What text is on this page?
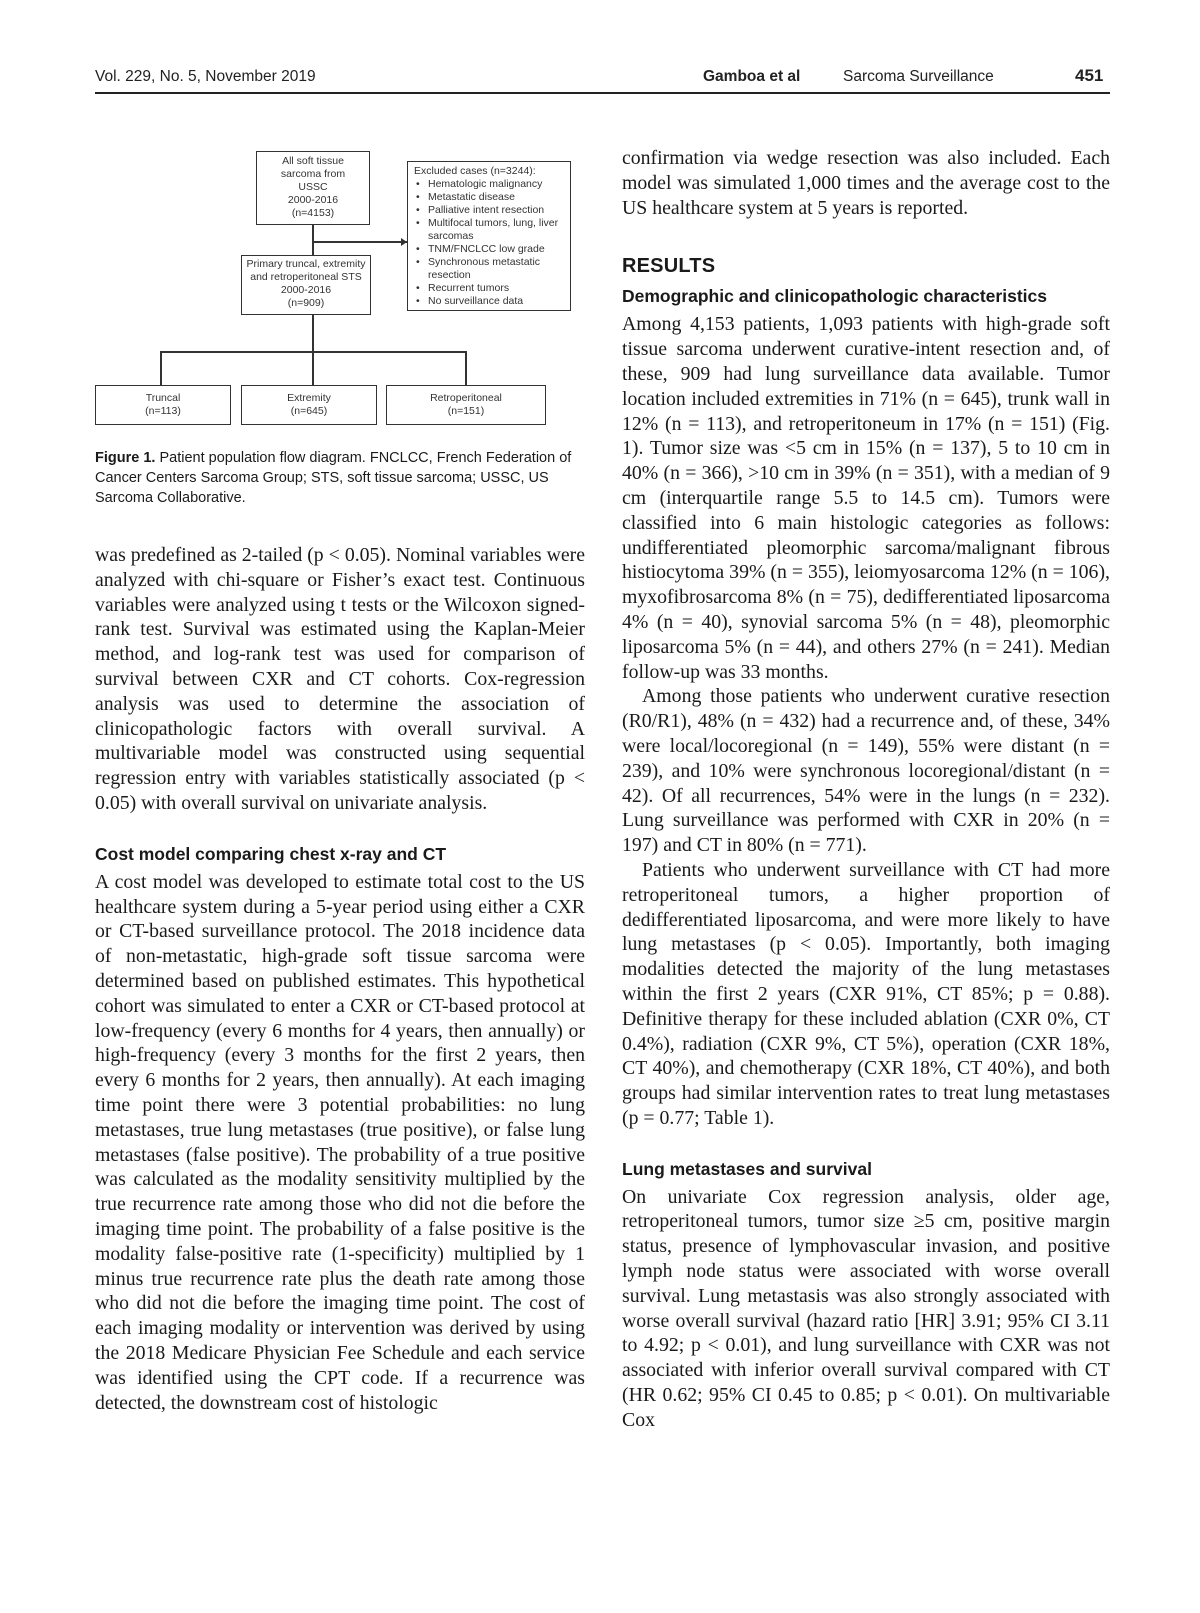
Vol. 229, No. 5, November 2019	Gamboa et al	Sarcoma Surveillance	451
All soft tissue
sarcoma from
USSC
2000-2016
(n=4153)
Excluded cases (n=3244):
• Hematologic malignancy
• Metastatic disease
• Palliative intent resection
• Multifocal tumors, lung, liver sarcomas
• TNM/FNCLCC low grade
• Synchronous metastatic resection
• Recurrent tumors
• No surveillance data
Primary truncal, extremity
and retroperitoneal STS
2000-2016
(n=909)
Truncal
(n=113)
Extremity
(n=645)
Retroperitoneal
(n=151)
Figure 1. Patient population flow diagram. FNCLCC, French Federation of Cancer Centers Sarcoma Group; STS, soft tissue sarcoma; USSC, US Sarcoma Collaborative.

was predefined as 2-tailed (p < 0.05). Nominal variables were analyzed with chi-square or Fisher’s exact test. Continuous variables were analyzed using t tests or the Wilcoxon signed-rank test. Survival was estimated using the Kaplan-Meier method, and log-rank test was used for comparison of survival between CXR and CT cohorts. Cox-regression analysis was used to determine the association of clinicopathologic factors with overall survival. A multivariable model was constructed using sequential regression entry with variables statistically associated (p < 0.05) with overall survival on univariate analysis.

Cost model comparing chest x-ray and CT

A cost model was developed to estimate total cost to the US healthcare system during a 5-year period using either a CXR or CT-based surveillance protocol. The 2018 incidence data of non-metastatic, high-grade soft tissue sarcoma were determined based on published estimates. This hypothetical cohort was simulated to enter a CXR or CT-based protocol at low-frequency (every 6 months for 4 years, then annually) or high-frequency (every 3 months for the first 2 years, then every 6 months for 2 years, then annually). At each imaging time point there were 3 potential probabilities: no lung metastases, true lung metastases (true positive), or false lung metastases (false positive). The probability of a true positive was calculated as the modality sensitivity multiplied by the true recurrence rate among those who did not die before the imaging time point. The probability of a false positive is the modality false-positive rate (1-specificity) multiplied by 1 minus true recurrence rate plus the death rate among those who did not die before the imaging time point. The cost of each imaging modality or intervention was derived by using the 2018 Medicare Physician Fee Schedule and each service was identified using the CPT code. If a recurrence was detected, the downstream cost of histologic

confirmation via wedge resection was also included. Each model was simulated 1,000 times and the average cost to the US healthcare system at 5 years is reported.

RESULTS
Demographic and clinicopathologic characteristics

Among 4,153 patients, 1,093 patients with high-grade soft tissue sarcoma underwent curative-intent resection and, of these, 909 had lung surveillance data available. Tumor location included extremities in 71% (n = 645), trunk wall in 12% (n = 113), and retroperitoneum in 17% (n = 151) (Fig. 1). Tumor size was <5 cm in 15% (n = 137), 5 to 10 cm in 40% (n = 366), >10 cm in 39% (n = 351), with a median of 9 cm (interquartile range 5.5 to 14.5 cm). Tumors were classified into 6 main histologic categories as follows: undifferentiated pleomorphic sarcoma/malignant fibrous histiocytoma 39% (n = 355), leiomyosarcoma 12% (n = 106), myxofibrosarcoma 8% (n = 75), dedifferentiated liposarcoma 4% (n = 40), synovial sarcoma 5% (n = 48), pleomorphic liposarcoma 5% (n = 44), and others 27% (n = 241). Median follow-up was 33 months.

Among those patients who underwent curative resection (R0/R1), 48% (n = 432) had a recurrence and, of these, 34% were local/locoregional (n = 149), 55% were distant (n = 239), and 10% were synchronous locoregional/distant (n = 42). Of all recurrences, 54% were in the lungs (n = 232). Lung surveillance was performed with CXR in 20% (n = 197) and CT in 80% (n = 771).

Patients who underwent surveillance with CT had more retroperitoneal tumors, a higher proportion of dedifferentiated liposarcoma, and were more likely to have lung metastases (p < 0.05). Importantly, both imaging modalities detected the majority of the lung metastases within the first 2 years (CXR 91%, CT 85%; p = 0.88). Definitive therapy for these included ablation (CXR 0%, CT 0.4%), radiation (CXR 9%, CT 5%), operation (CXR 18%, CT 40%), and chemotherapy (CXR 18%, CT 40%), and both groups had similar intervention rates to treat lung metastases (p = 0.77; Table 1).

Lung metastases and survival

On univariate Cox regression analysis, older age, retroperitoneal tumors, tumor size ≥5 cm, positive margin status, presence of lymphovascular invasion, and positive lymph node status were associated with worse overall survival. Lung metastasis was also strongly associated with worse overall survival (hazard ratio [HR] 3.91; 95% CI 3.11 to 4.92; p < 0.01), and lung surveillance with CXR was not associated with inferior overall survival compared with CT (HR 0.62; 95% CI 0.45 to 0.85; p < 0.01). On multivariable Cox
